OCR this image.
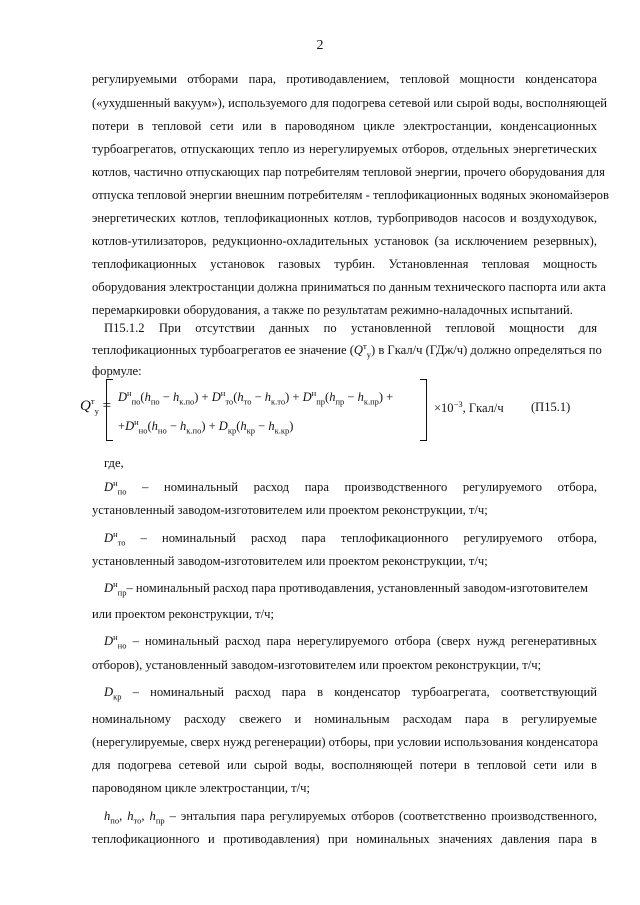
2
регулируемыми отборами пара, противодавлением, тепловой мощности конденсатора
(«ухудшенный вакуум»), используемого для подогрева сетевой или сырой воды, восполняющей
потери в тепловой сети или в пароводяном цикле электростанции, конденсационных
турбоагрегатов, отпускающих тепло из нерегулируемых отборов, отдельных энергетических
котлов, частично отпускающих пар потребителям тепловой энергии, прочего оборудования для
отпуска тепловой энергии внешним потребителям - теплофикационных водяных экономайзеров
энергетических котлов, теплофикационных котлов, турбоприводов насосов и воздуходувок,
котлов-утилизаторов, редукционно-охладительных установок (за исключением резервных),
теплофикационных установок газовых турбин. Установленная тепловая мощность
оборудования электростанции должна приниматься по данным технического паспорта или акта
перемаркировки оборудования, а также по результатам режимно-наладочных испытаний.
П15.1.2 При отсутствии данных по установленной тепловой мощности для
теплофикационных турбоагрегатов ее значение $(Q^т_у)$ в Гкал/ч (ГДж/ч) должно определяться по
формуле:
$Q^т_у$ =
$D^н_{по}(h_{по} - h_{к.по}) + D^н_{то}(h_{то} - h_{к.то}) + D^н_{пр}(h_{пр} - h_{к.пр})$ +
$+D^н_{но}(h_{но} - h_{к.по}) + D_{кр}(h_{кр} - h_{к.кр})$
$\times 10^{-3}$, Гкал/ч (П15.1)
где,
$D^н_{по}$ – номинальный расход пара производственного регулируемого отбора,
установленный заводом-изготовителем или проектом реконструкции, т/ч;
$D^н_{то}$ – номинальный расход пара теплофикационного регулируемого отбора,
установленный заводом-изготовителем или проектом реконструкции, т/ч;
$D^н_{пр}-$ номинальный расход пара противодавления, установленный заводом-изготовителем
или проектом реконструкции, т/ч;
$D^н_{но}$ – номинальный расход пара нерегулируемого отбора (сверх нужд регенеративных
отборов), установленный заводом-изготовителем или проектом реконструкции, т/ч;
$D_{кр}$ – номинальный расход пара в конденсатор турбоагрегата, соответствующий
номинальному расходу свежего и номинальным расходам пара в регулируемые
(нерегулируемые, сверх нужд регенерации) отборы, при условии использования конденсатора
для подогрева сетевой или сырой воды, восполняющей потери в тепловой сети или в
пароводяном цикле электростанции, т/ч;
$h_{по}$, $h_{то}$, $h_{пр}$ – энтальпия пара регулируемых отборов (соответственно производственного,
теплофикационного и противодавления) при номинальных значениях давления пара в
